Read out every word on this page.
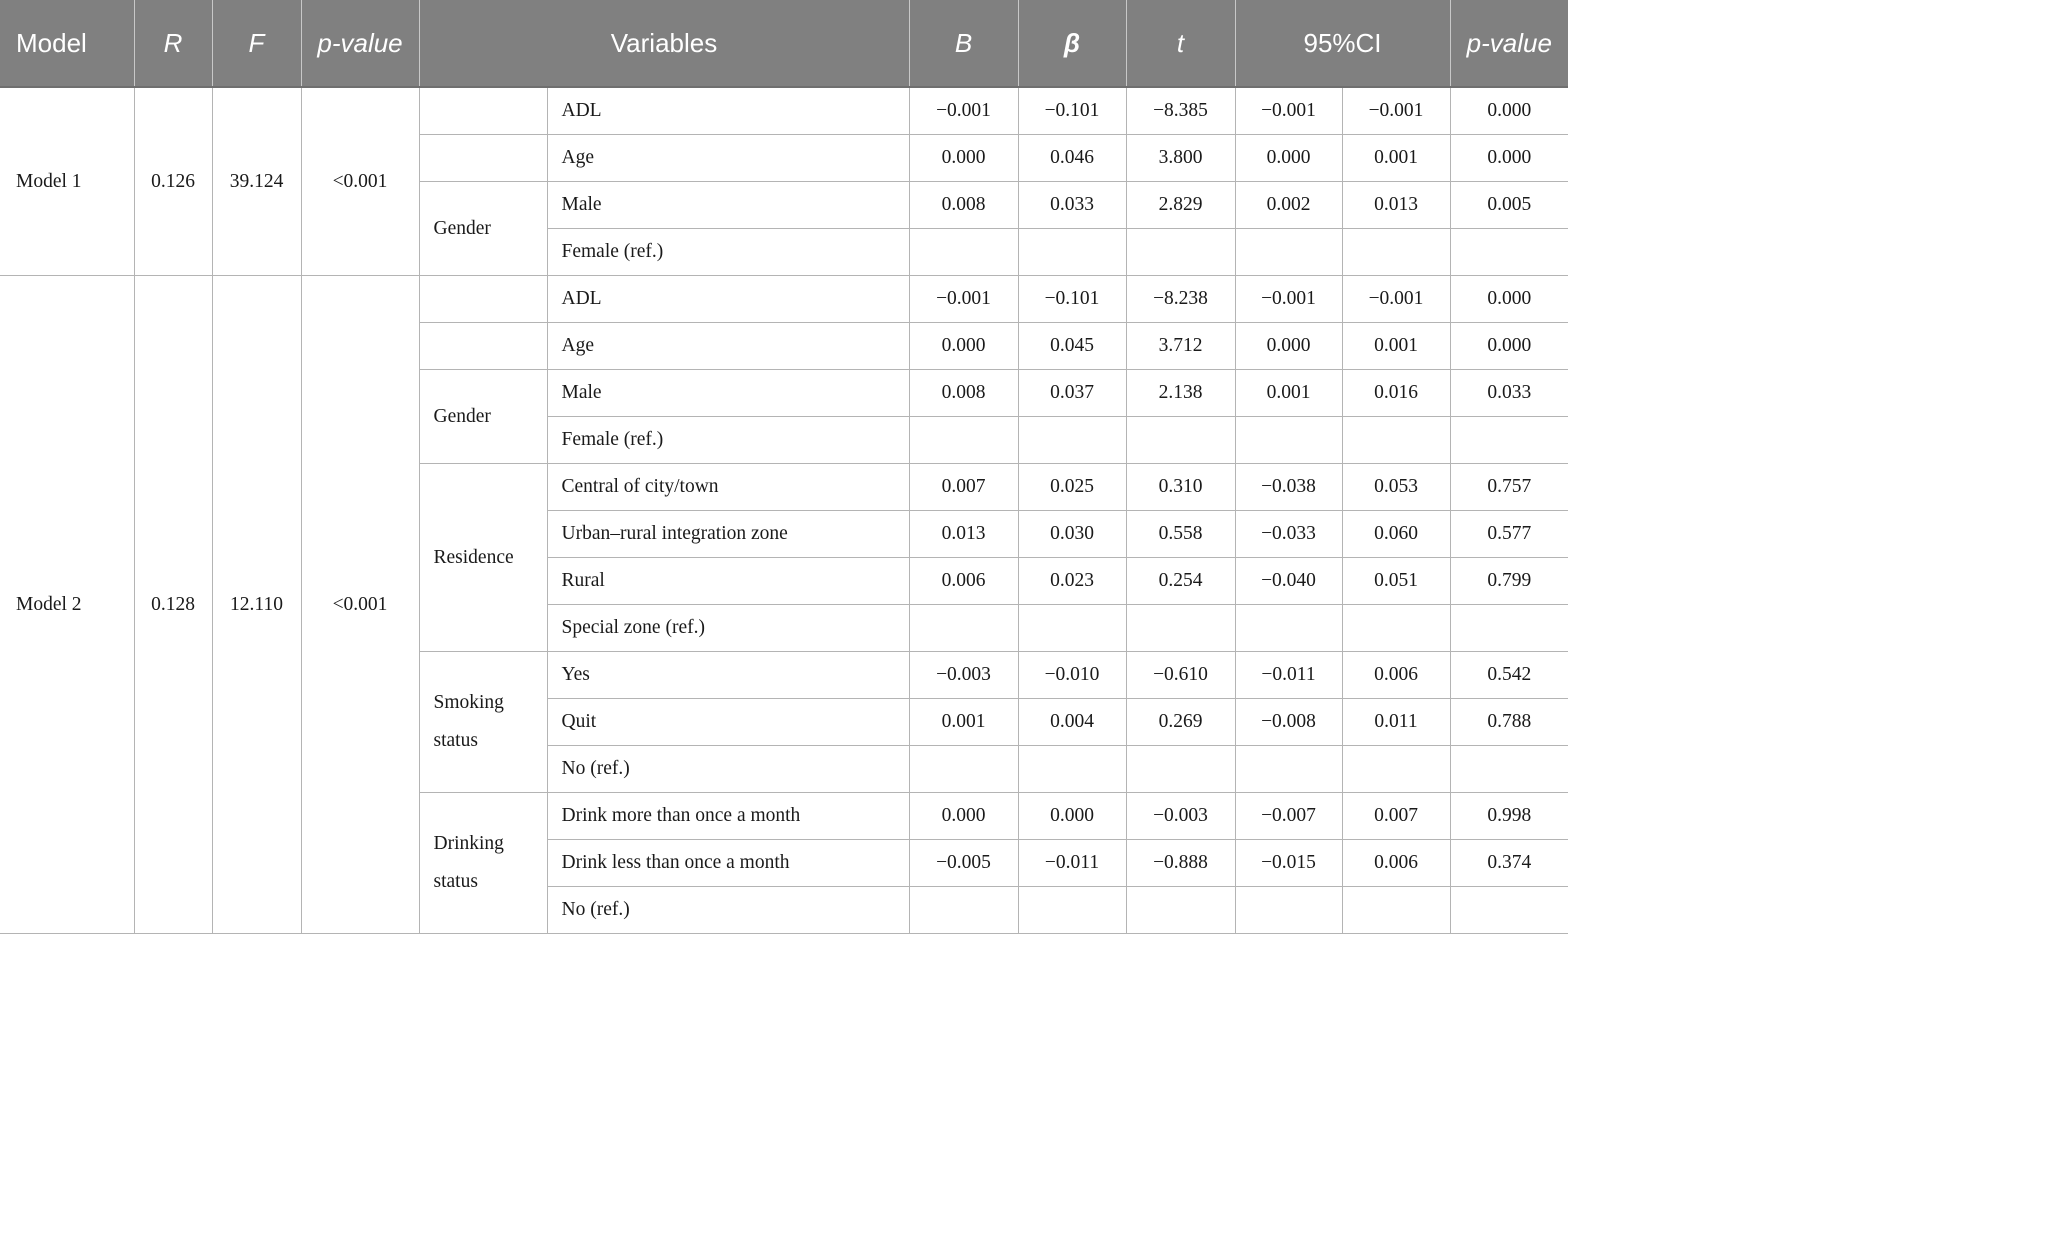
Model	R	F	p-value	Variables		B	β	t	95%CI		p-value
Model 1	0.126	39.124	<0.001		ADL	−0.001	−0.101	−8.385	−0.001	−0.001	0.000
					Age	0.000	0.046	3.800	0.000	0.001	0.000
				Gender	Male	0.008	0.033	2.829	0.002	0.013	0.005
					Female (ref.)						
Model 2	0.128	12.110	<0.001		ADL	−0.001	−0.101	−8.238	−0.001	−0.001	0.000
					Age	0.000	0.045	3.712	0.000	0.001	0.000
				Gender	Male	0.008	0.037	2.138	0.001	0.016	0.033
					Female (ref.)						
				Residence	Central of city/town	0.007	0.025	0.310	−0.038	0.053	0.757
					Urban–rural integration zone	0.013	0.030	0.558	−0.033	0.060	0.577
					Rural	0.006	0.023	0.254	−0.040	0.051	0.799
					Special zone (ref.)						
				Smoking status	Yes	−0.003	−0.010	−0.610	−0.011	0.006	0.542
					Quit	0.001	0.004	0.269	−0.008	0.011	0.788
					No (ref.)						
				Drinking status	Drink more than once a month	0.000	0.000	−0.003	−0.007	0.007	0.998
					Drink less than once a month	−0.005	−0.011	−0.888	−0.015	0.006	0.374
					No (ref.)						
